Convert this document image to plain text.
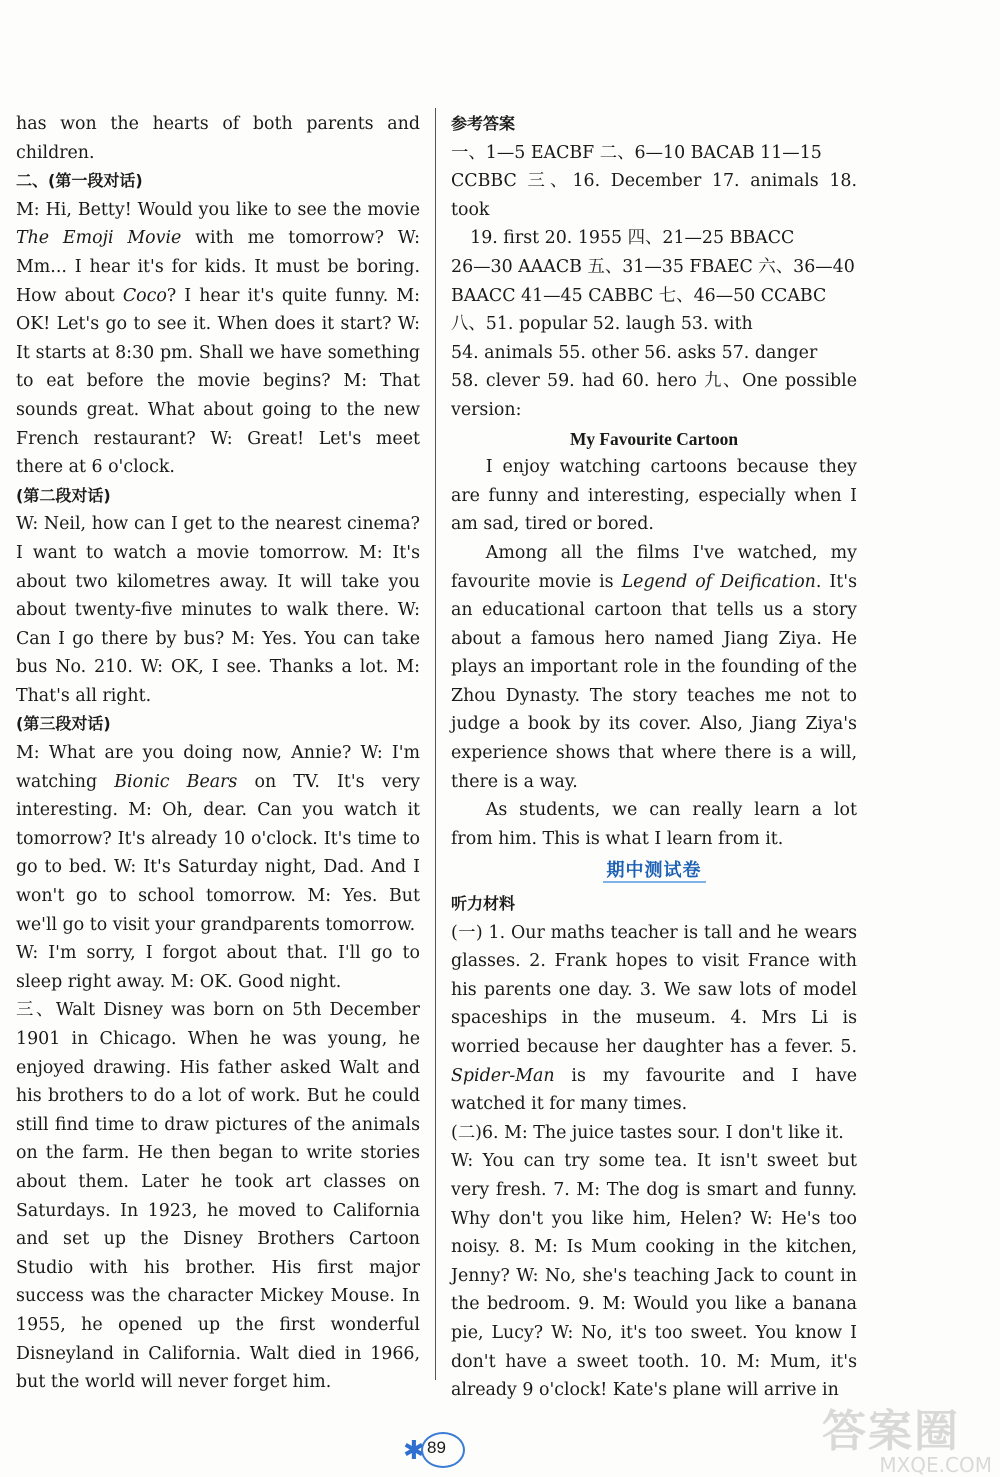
has won the hearts of both parents and children.

二、(第一段对话)

M: Hi, Betty! Would you like to see the movie The Emoji Movie with me tomorrow? W: Mm... I hear it's for kids. It must be boring. How about Coco? I hear it's quite funny. M: OK! Let's go to see it. When does it start? W: It starts at 8:30 pm. Shall we have something to eat before the movie begins? M: That sounds great. What about going to the new French restaurant? W: Great! Let's meet there at 6 o'clock.

(第二段对话)

W: Neil, how can I get to the nearest cinema? I want to watch a movie tomorrow. M: It's about two kilometres away. It will take you about twenty-five minutes to walk there. W: Can I go there by bus? M: Yes. You can take bus No. 210. W: OK, I see. Thanks a lot. M: That's all right.

(第三段对话)

M: What are you doing now, Annie? W: I'm watching Bionic Bears on TV. It's very interesting. M: Oh, dear. Can you watch it tomorrow? It's already 10 o'clock. It's time to go to bed. W: It's Saturday night, Dad. And I won't go to school tomorrow. M: Yes. But we'll go to visit your grandparents tomorrow.

W: I'm sorry, I forgot about that. I'll go to sleep right away. M: OK. Good night.

三、Walt Disney was born on 5th December 1901 in Chicago. When he was young, he enjoyed drawing. His father asked Walt and his brothers to do a lot of work. But he could still find time to draw pictures of the animals on the farm. He then began to write stories about them. Later he took art classes on Saturdays. In 1923, he moved to California and set up the Disney Brothers Cartoon Studio with his brother. His first major success was the character Mickey Mouse. In 1955, he opened up the first wonderful Disneyland in California. Walt died in 1966, but the world will never forget him.

参考答案

一、1—5 EACBF 二、6—10 BACAB 11—15

CCBBC 三、16. December 17. animals 18. took

19. first 20. 1955 四、21—25 BBACC

26—30 AAACB 五、31—35 FBAEC 六、36—40

BAACC 41—45 CABBC 七、46—50 CCABC

八、51. popular 52. laugh 53. with

54. animals 55. other 56. asks 57. danger

58. clever 59. had 60. hero 九、One possible version:

My Favourite Cartoon

I enjoy watching cartoons because they are funny and interesting, especially when I am sad, tired or bored.

Among all the films I've watched, my favourite movie is Legend of Deification. It's an educational cartoon that tells us a story about a famous hero named Jiang Ziya. He plays an important role in the founding of the Zhou Dynasty. The story teaches me not to judge a book by its cover. Also, Jiang Ziya's experience shows that where there is a will, there is a way.

As students, we can really learn a lot from him. This is what I learn from it.

期中测试卷

听力材料

(一) 1. Our maths teacher is tall and he wears glasses. 2. Frank hopes to visit France with his parents one day. 3. We saw lots of model spaceships in the museum. 4. Mrs Li is worried because her daughter has a fever. 5. Spider-Man is my favourite and I have watched it for many times.

(二)6. M: The juice tastes sour. I don't like it.

W: You can try some tea. It isn't sweet but very fresh. 7. M: The dog is smart and funny. Why don't you like him, Helen? W: He's too noisy. 8. M: Is Mum cooking in the kitchen, Jenny? W: No, she's teaching Jack to count in the bedroom. 9. M: Would you like a banana pie, Lucy? W: No, it's too sweet. You know I don't have a sweet tooth. 10. M: Mum, it's already 9 o'clock! Kate's plane will arrive in

✱ 89	答案圈
MXQE.COM
